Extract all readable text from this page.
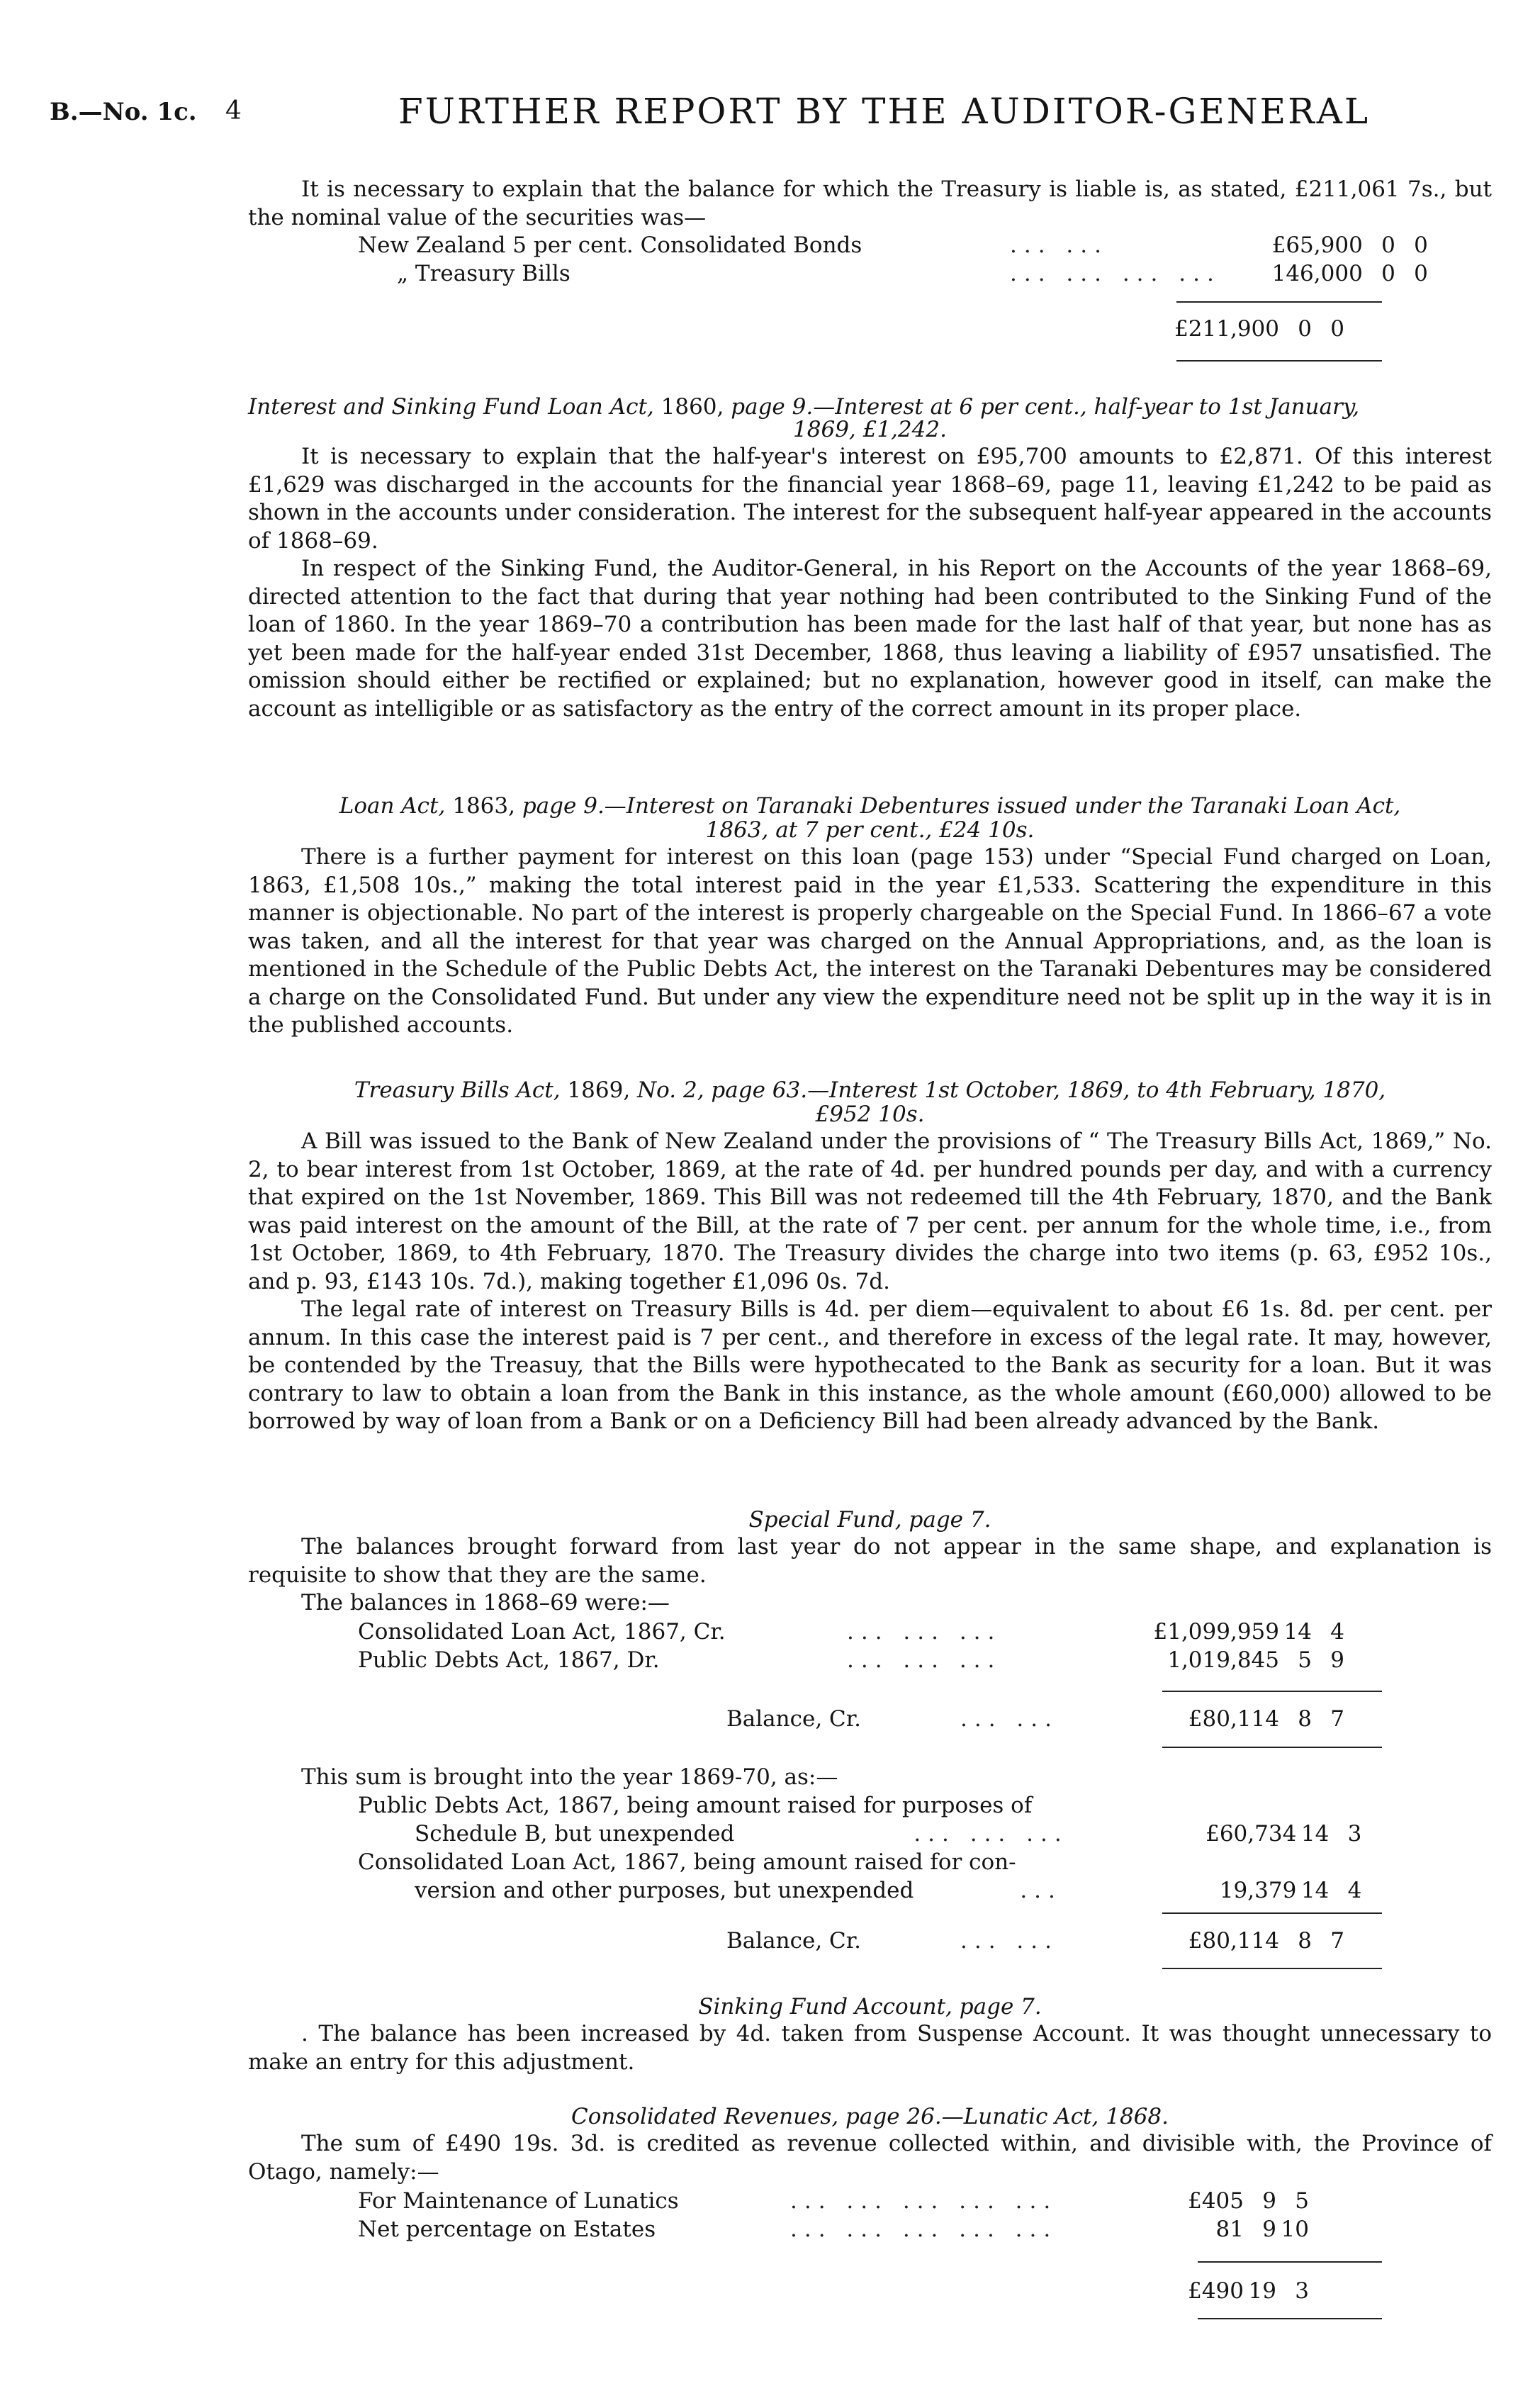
B.—No. 1c. 4	FURTHER REPORT BY THE AUDITOR-GENERAL

It is necessary to explain that the balance for which the Treasury is liable is, as stated, £211,061 7s., but the nominal value of the securities was—

New Zealand 5 per cent. Consolidated Bonds	... ...	£65,900	0	0
„ Treasury Bills	... ... ... ...	146,000	0	0
	£211,900	0	0

Interest and Sinking Fund Loan Act, 1860, page 9.—Interest at 6 per cent., half-year to 1st January,

1869, £1,242.

It is necessary to explain that the half-year's interest on £95,700 amounts to £2,871. Of this interest £1,629 was discharged in the accounts for the financial year 1868–69, page 11, leaving £1,242 to be paid as shown in the accounts under consideration. The interest for the subsequent half-year appeared in the accounts of 1868–69.

In respect of the Sinking Fund, the Auditor-General, in his Report on the Accounts of the year 1868–69, directed attention to the fact that during that year nothing had been contributed to the Sinking Fund of the loan of 1860. In the year 1869–70 a contribution has been made for the last half of that year, but none has as yet been made for the half-year ended 31st December, 1868, thus leaving a liability of £957 unsatisfied. The omission should either be rectified or explained; but no explanation, however good in itself, can make the account as intelligible or as satisfactory as the entry of the correct amount in its proper place.

Loan Act, 1863, page 9.—Interest on Taranaki Debentures issued under the Taranaki Loan Act,

1863, at 7 per cent., £24 10s.

There is a further payment for interest on this loan (page 153) under “Special Fund charged on Loan, 1863, £1,508 10s.,” making the total interest paid in the year £1,533. Scattering the expenditure in this manner is objectionable. No part of the interest is properly chargeable on the Special Fund. In 1866–67 a vote was taken, and all the interest for that year was charged on the Annual Appropriations, and, as the loan is mentioned in the Schedule of the Public Debts Act, the interest on the Taranaki Debentures may be considered a charge on the Consolidated Fund. But under any view the expenditure need not be split up in the way it is in the published accounts.

Treasury Bills Act, 1869, No. 2, page 63.—Interest 1st October, 1869, to 4th February, 1870,

£952 10s.

A Bill was issued to the Bank of New Zealand under the provisions of “ The Treasury Bills Act, 1869,” No. 2, to bear interest from 1st October, 1869, at the rate of 4d. per hundred pounds per day, and with a currency that expired on the 1st November, 1869. This Bill was not redeemed till the 4th February, 1870, and the Bank was paid interest on the amount of the Bill, at the rate of 7 per cent. per annum for the whole time, i.e., from 1st October, 1869, to 4th February, 1870. The Treasury divides the charge into two items (p. 63, £952 10s., and p. 93, £143 10s. 7d.), making together £1,096 0s. 7d.

The legal rate of interest on Treasury Bills is 4d. per diem—equivalent to about £6 1s. 8d. per cent. per annum. In this case the interest paid is 7 per cent., and therefore in excess of the legal rate. It may, however, be contended by the Treasuy, that the Bills were hypothecated to the Bank as security for a loan. But it was contrary to law to obtain a loan from the Bank in this instance, as the whole amount (£60,000) allowed to be borrowed by way of loan from a Bank or on a Deficiency Bill had been already advanced by the Bank.

Special Fund, page 7.

The balances brought forward from last year do not appear in the same shape, and explanation is requisite to show that they are the same.

The balances in 1868–69 were:—

Consolidated Loan Act, 1867, Cr.	... ... ...	£1,099,959	14	4
Public Debts Act, 1867, Dr.	... ... ...	1,019,845	5	9
	Balance, Cr.	... ...	£80,114	8	7

This sum is brought into the year 1869-70, as:—

Public Debts Act, 1867, being amount raised for purposes of				
Schedule B, but unexpended	... ... ...	£60,734	14	3
Consolidated Loan Act, 1867, being amount raised for con-				
version and other purposes, but unexpended	...	19,379	14	4
	Balance, Cr.	... ...	£80,114	8	7

Sinking Fund Account, page 7.

. The balance has been increased by 4d. taken from Suspense Account. It was thought unnecessary to make an entry for this adjustment.

Consolidated Revenues, page 26.—Lunatic Act, 1868.

The sum of £490 19s. 3d. is credited as revenue collected within, and divisible with, the Province of Otago, namely:—

For Maintenance of Lunatics	... ... ... ... ...	£405	9	5
Net percentage on Estates	... ... ... ... ...	81	9	10
	£490	19	3
